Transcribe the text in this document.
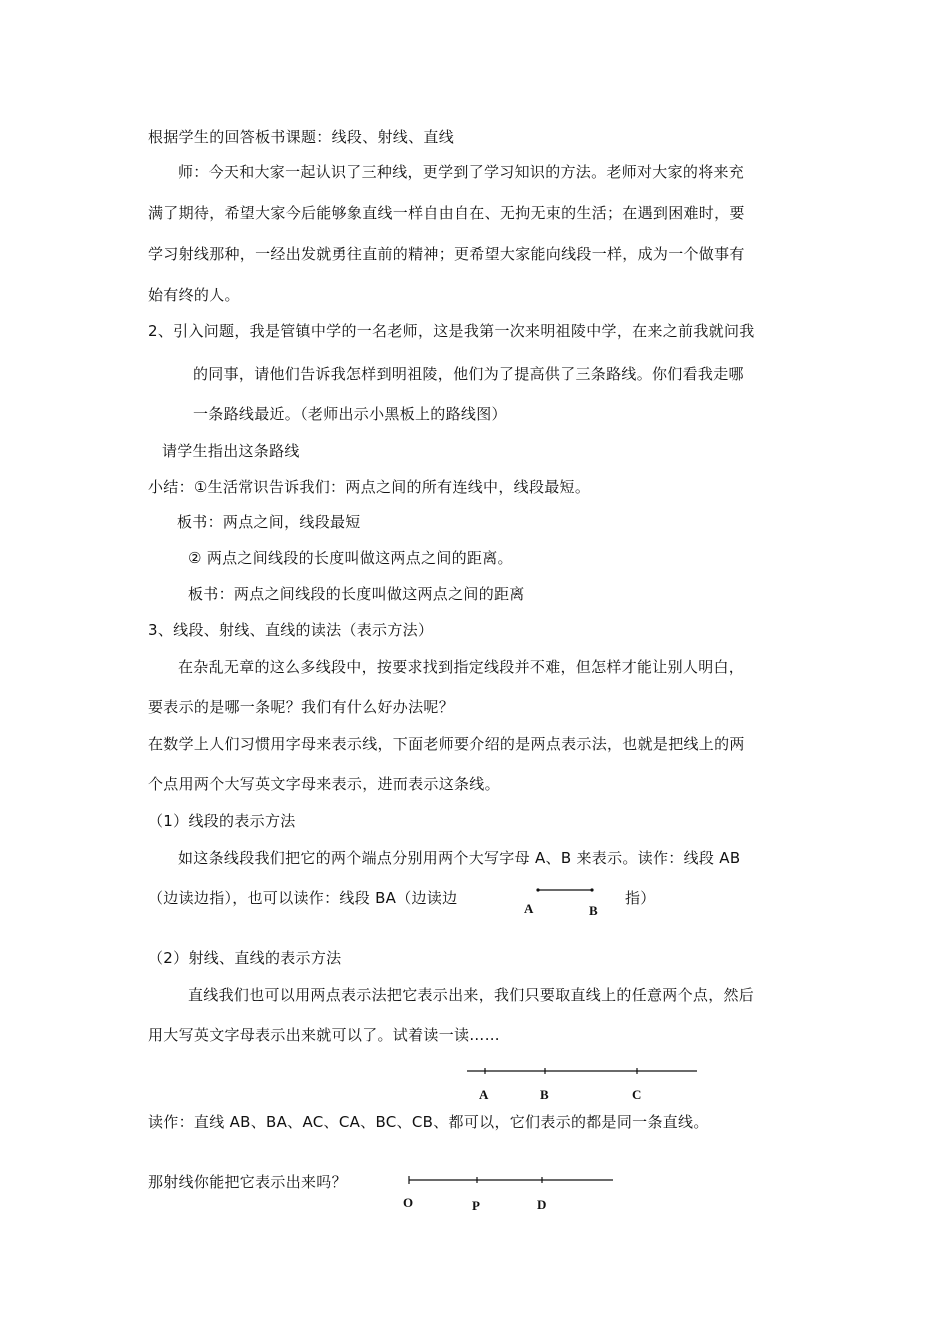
根据学生的回答板书课题：线段、射线、直线
师：今天和大家一起认识了三种线，更学到了学习知识的方法。老师对大家的将来充
满了期待，希望大家今后能够象直线一样自由自在、无拘无束的生活；在遇到困难时，要
学习射线那种，一经出发就勇往直前的精神；更希望大家能向线段一样，成为一个做事有
始有终的人。
2、引入问题，我是管镇中学的一名老师，这是我第一次来明祖陵中学，在来之前我就问我
的同事，请他们告诉我怎样到明祖陵，他们为了提高供了三条路线。你们看我走哪
一条路线最近。（老师出示小黑板上的路线图）
请学生指出这条路线
小结：①生活常识告诉我们：两点之间的所有连线中，线段最短。
板书：两点之间，线段最短
② 两点之间线段的长度叫做这两点之间的距离。
板书：两点之间线段的长度叫做这两点之间的距离
3、线段、射线、直线的读法（表示方法）
在杂乱无章的这么多线段中，按要求找到指定线段并不难，但怎样才能让别人明白，
要表示的是哪一条呢？我们有什么好办法呢？
在数学上人们习惯用字母来表示线，下面老师要介绍的是两点表示法，也就是把线上的两
个点用两个大写英文字母来表示，进而表示这条线。
（1）线段的表示方法
如这条线段我们把它的两个端点分别用两个大写字母 A、B 来表示。读作：线段 AB
（边读边指），也可以读作：线段 BA（边读边	指）
（2）射线、直线的表示方法
直线我们也可以用两点表示法把它表示出来，我们只要取直线上的任意两个点，然后
用大写英文字母表示出来就可以了。试着读一读……
读作：直线 AB、BA、AC、CA、BC、CB、都可以，它们表示的都是同一条直线。
那射线你能把它表示出来吗？
A	B
A	B	C
O	P	D
